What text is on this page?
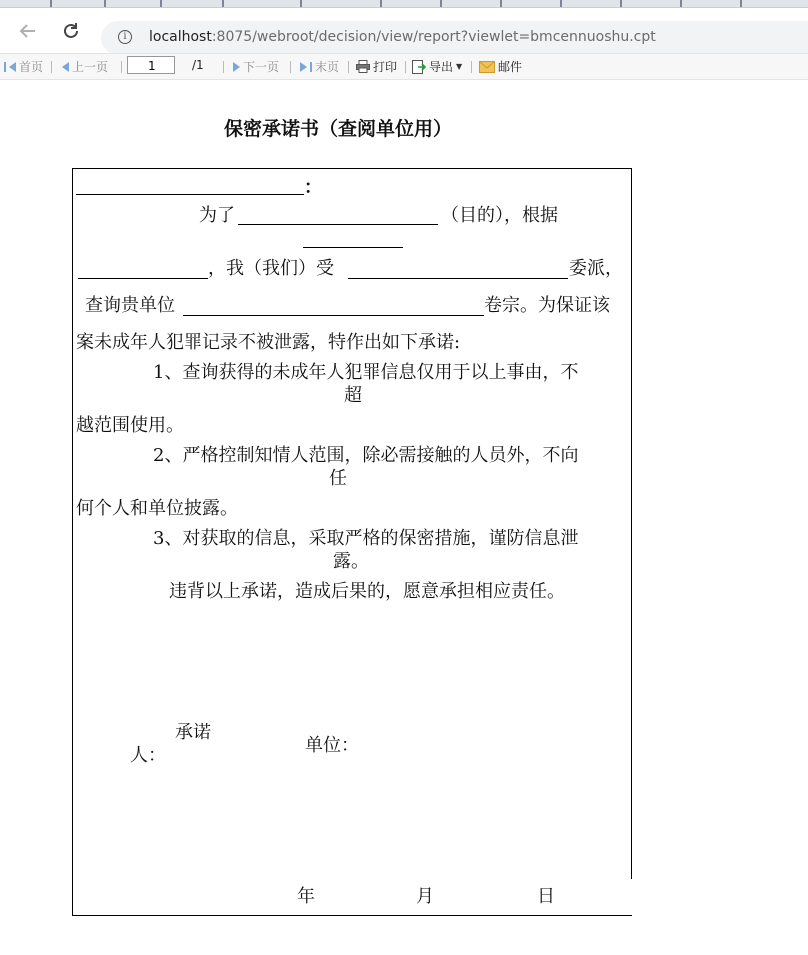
i	localhost:8075/webroot/decision/view/report?viewlet=bmcennuoshu.cpt
首页 上一页	1	/1	下一页	末页	打印	导出 ▼	邮件
保密承诺书（查阅单位用）
：
为了	（目的），根据
，我（我们）受	委派，
查询贵单位	卷宗。为保证该
案未成年人犯罪记录不被泄露，特作出如下承诺:
1、查询获得的未成年人犯罪信息仅用于以上事由，不
超
越范围使用。
2、严格控制知情人范围，除必需接触的人员外，不向
任
何个人和单位披露。
3、对获取的信息，采取严格的保密措施，谨防信息泄
露。
违背以上承诺，造成后果的，愿意承担相应责任。
承诺
人：	单位：
年	月	日
